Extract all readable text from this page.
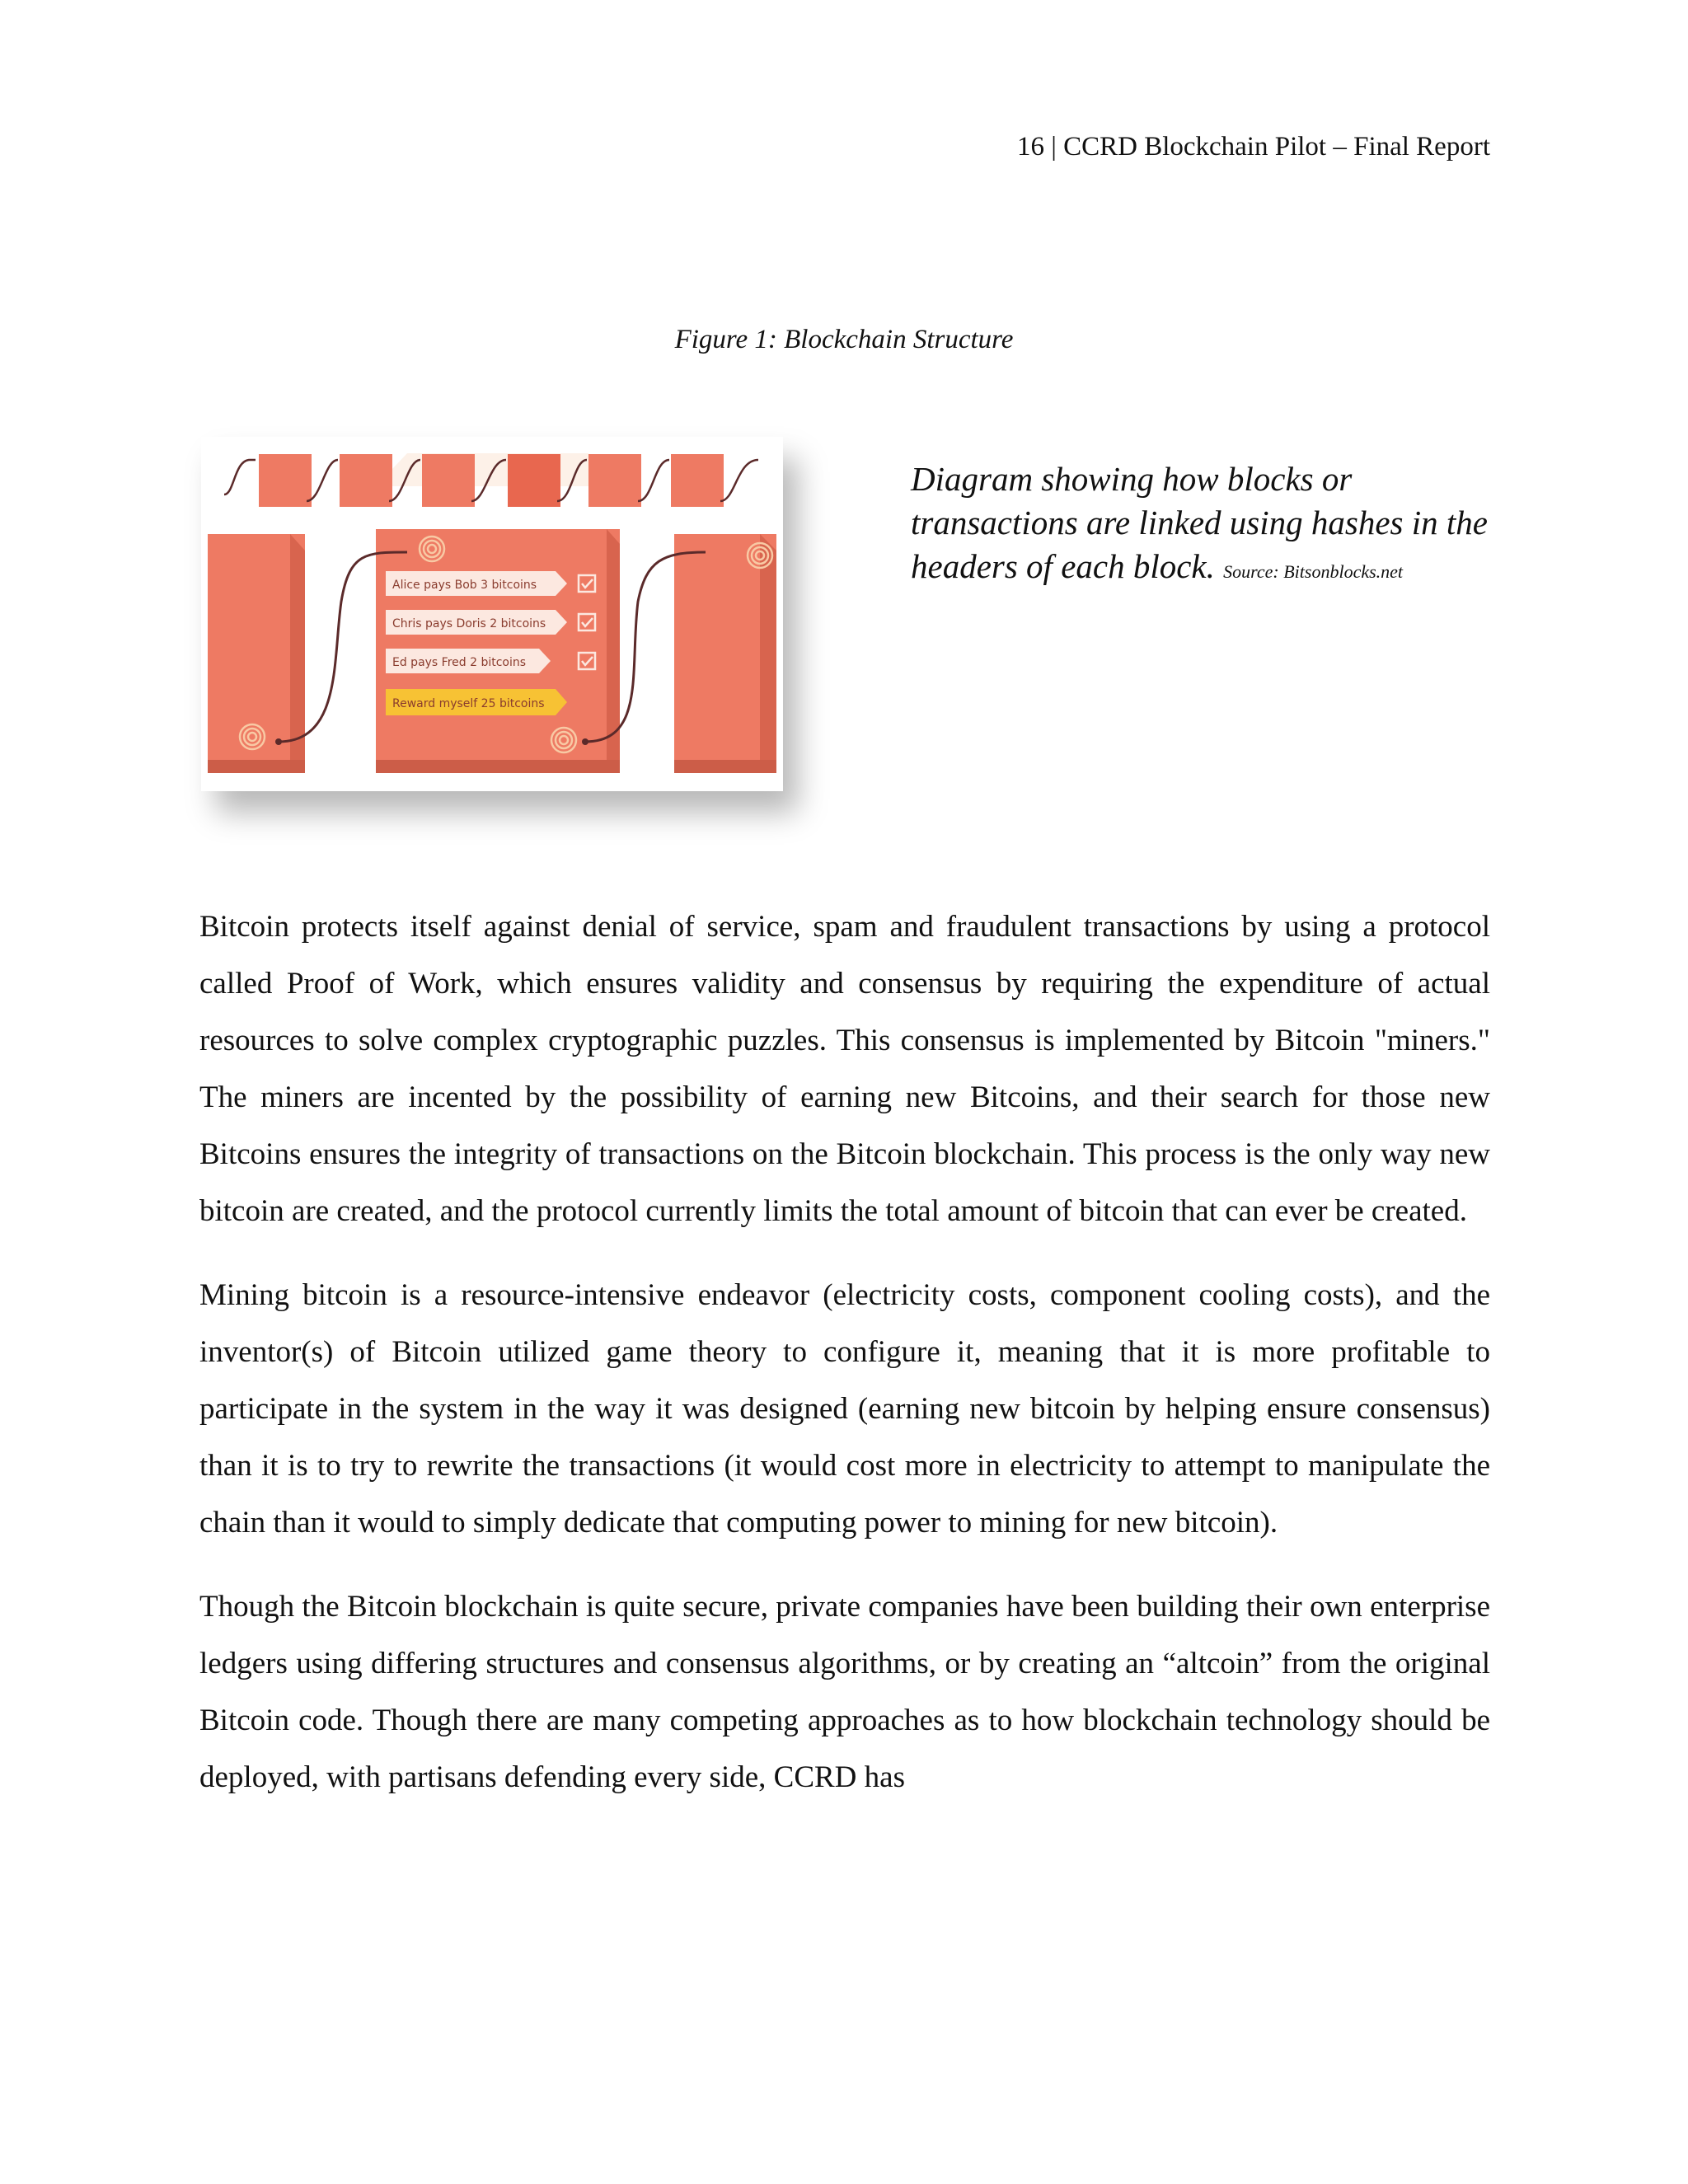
16 | CCRD Blockchain Pilot – Final Report
Figure 1: Blockchain Structure
Alice pays Bob 3 bitcoins
Chris pays Doris 2 bitcoins
Ed pays Fred 2 bitcoins
Reward myself 25 bitcoins
Diagram showing how blocks or transactions are linked using hashes in the headers of each block. Source: Bitsonblocks.net

Bitcoin protects itself against denial of service, spam and fraudulent transactions by using a protocol called Proof of Work, which ensures validity and consensus by requiring the expenditure of actual resources to solve complex cryptographic puzzles. This consensus is implemented by Bitcoin "miners." The miners are incented by the possibility of earning new Bitcoins, and their search for those new Bitcoins ensures the integrity of transactions on the Bitcoin blockchain. This process is the only way new bitcoin are created, and the protocol currently limits the total amount of bitcoin that can ever be created.

Mining bitcoin is a resource-intensive endeavor (electricity costs, component cooling costs), and the inventor(s) of Bitcoin utilized game theory to configure it, meaning that it is more profitable to participate in the system in the way it was designed (earning new bitcoin by helping ensure consensus) than it is to try to rewrite the transactions (it would cost more in electricity to attempt to manipulate the chain than it would to simply dedicate that computing power to mining for new bitcoin).

Though the Bitcoin blockchain is quite secure, private companies have been building their own enterprise ledgers using differing structures and consensus algorithms, or by creating an “altcoin” from the original Bitcoin code. Though there are many competing approaches as to how blockchain technology should be deployed, with partisans defending every side, CCRD has
